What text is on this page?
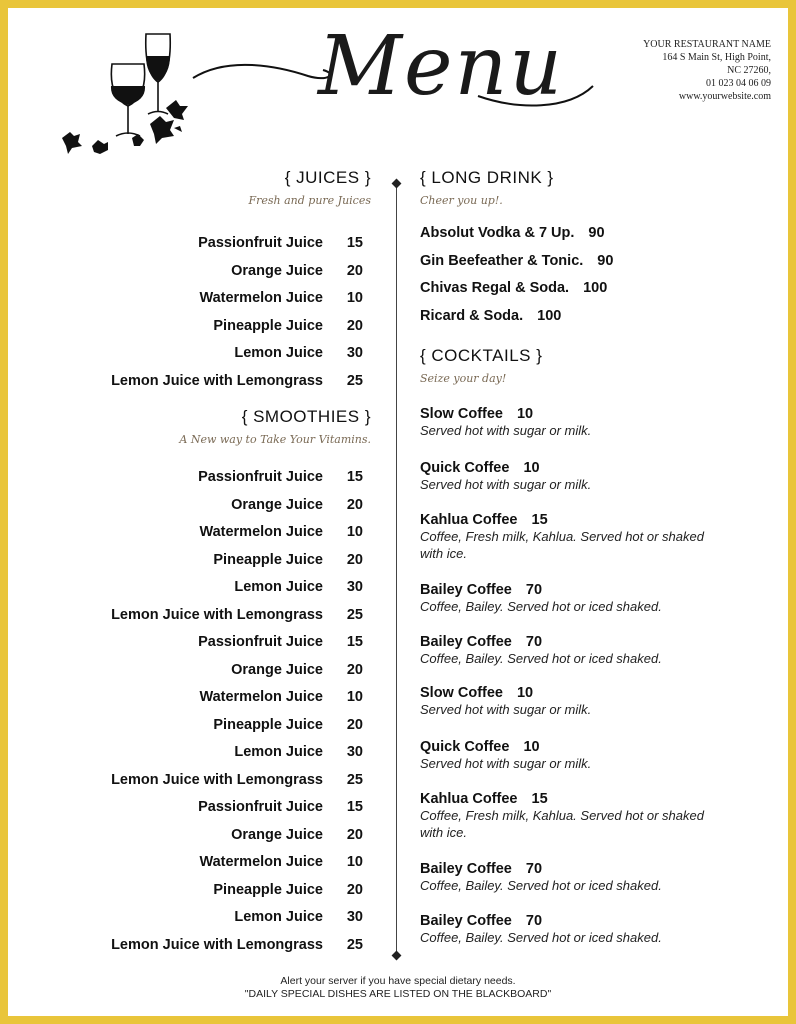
Menu	YOUR RESTAURANT NAME
164 S Main St, High Point,
NC 27260,
01 023 04 06 09
www.yourwebsite.com
{ JUICES }
Fresh and pure Juices
Passionfruit Juice 15
Orange Juice 20
Watermelon Juice 10
Pineapple Juice 20
Lemon Juice 30
Lemon Juice with Lemongrass 25
{ SMOOTHIES }
A New way to Take Your Vitamins.
Passionfruit Juice 15
Orange Juice 20
Watermelon Juice 10
Pineapple Juice 20
Lemon Juice 30
Lemon Juice with Lemongrass 25
Passionfruit Juice 15
Orange Juice 20
Watermelon Juice 10
Pineapple Juice 20
Lemon Juice 30
Lemon Juice with Lemongrass 25
Passionfruit Juice 15
Orange Juice 20
Watermelon Juice 10
Pineapple Juice 20
Lemon Juice 30
Lemon Juice with Lemongrass 25
{ LONG DRINK }
Cheer you up!.
Absolut Vodka & 7 Up. 90
Gin Beefeather & Tonic. 90
Chivas Regal & Soda. 100
Ricard & Soda. 100
{ COCKTAILS }
Seize your day!
Slow Coffee 10
Served hot with sugar or milk.
Quick Coffee 10
Served hot with sugar or milk.
Kahlua Coffee 15
Coffee, Fresh milk, Kahlua. Served hot or shaked with ice.
Bailey Coffee 70
Coffee, Bailey. Served hot or iced shaked.
Bailey Coffee 70
Coffee, Bailey. Served hot or iced shaked.
Slow Coffee 10
Served hot with sugar or milk.
Quick Coffee 10
Served hot with sugar or milk.
Kahlua Coffee 15
Coffee, Fresh milk, Kahlua. Served hot or shaked with ice.
Bailey Coffee 70
Coffee, Bailey. Served hot or iced shaked.
Bailey Coffee 70
Coffee, Bailey. Served hot or iced shaked.
Alert your server if you have special dietary needs.
"DAILY SPECIAL DISHES ARE LISTED ON THE BLACKBOARD"
